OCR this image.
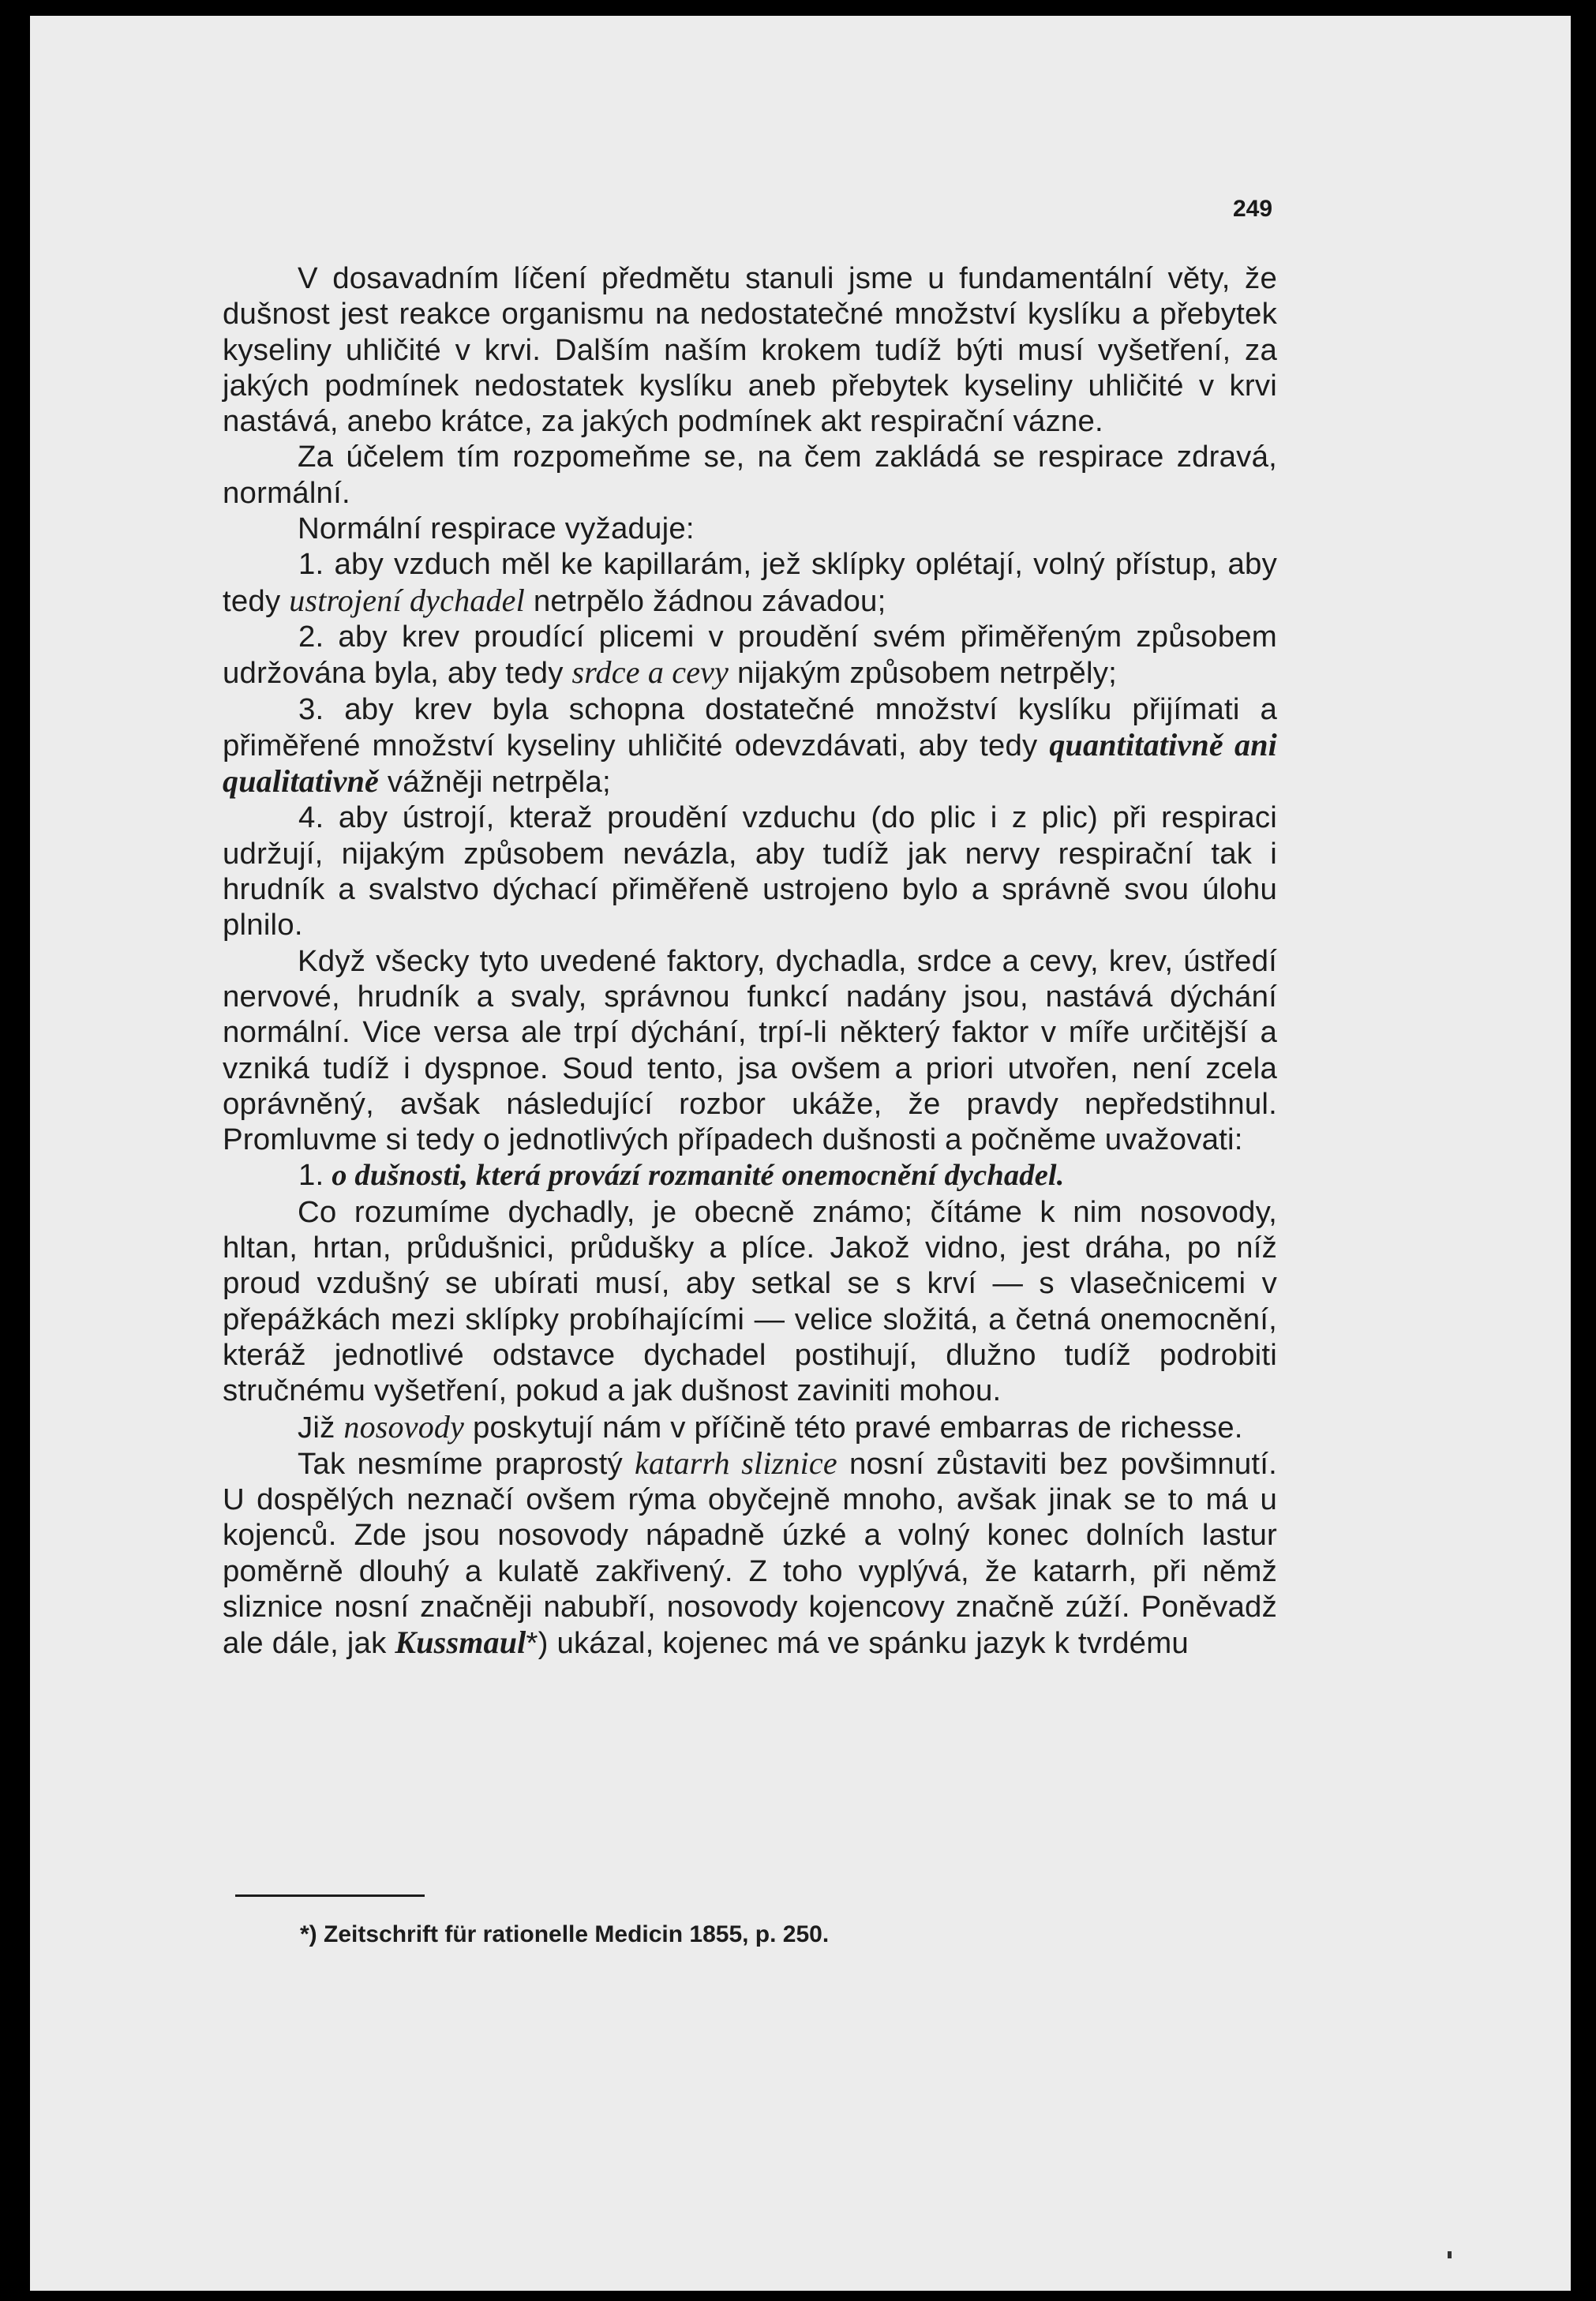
249

V dosavadním líčení předmětu stanuli jsme u fundamentální věty, že dušnost jest reakce organismu na nedostatečné množství kyslíku a přebytek kyseliny uhličité v krvi. Dalším naším krokem tudíž býti musí vyšetření, za jakých podmínek nedostatek kyslíku aneb přebytek kyseliny uhličité v krvi nastává, anebo krátce, za jakých podmínek akt respirační vázne.

Za účelem tím rozpomeňme se, na čem zakládá se respirace zdravá, normální.

Normální respirace vyžaduje:

1. aby vzduch měl ke kapillarám, jež sklípky oplétají, volný přístup, aby tedy ustrojení dychadel netrpělo žádnou závadou;

2. aby krev proudící plicemi v proudění svém přiměřeným způsobem udržována byla, aby tedy srdce a cevy nijakým způsobem netrpěly;

3. aby krev byla schopna dostatečné množství kyslíku přijímati a přiměřené množství kyseliny uhličité odevzdávati, aby tedy quantitativně ani qualitativně vážněji netrpěla;

4. aby ústrojí, kterаž proudění vzduchu (do plic i z plic) při respiraci udržují, nijakým způsobem nevázla, aby tudíž jak nervy respirační tak i hrudník a svalstvo dýchací přiměřeně ustrojeno bylo a správně svou úlohu plnilo.

Když všecky tyto uvedené faktory, dychadla, srdce a cevy, krev, ústředí nervové, hrudník a svaly, správnou funkcí nadány jsou, nastává dýchání normální. Vice versa ale trpí dýchání, trpí-li některý faktor v míře určitější a vzniká tudíž i dyspnoe. Soud tento, jsa ovšem a priori utvořen, není zcela oprávněný, avšak následující rozbor ukáže, že pravdy nepředstihnul. Promluvme si tedy o jednotlivých případech dušnosti a počněme uvažovati:

1. o dušnosti, která provází rozmanité onemocnění dychadel.

Co rozumíme dychadly, je obecně známo; čítáme k nim nosovody, hltan, hrtan, průdušnici, průdušky a plíce. Jakož vidno, jest dráha, po níž proud vzdušný se ubírati musí, aby setkal se s krví — s vlasečnicemi v přepážkách mezi sklípky probíhajícími — velice složitá, a četná onemocnění, kteráž jednotlivé odstavce dychadel postihují, dlužno tudíž podrobiti stručnému vyšetření, pokud a jak dušnost zaviniti mohou.

Již nosovody poskytují nám v příčině této pravé embarras de richesse.

Tak nesmíme praprostý katarrh sliznice nosní zůstaviti bez povšimnutí. U dospělých neznačí ovšem rýma obyčejně mnoho, avšak jinak se to má u kojenců. Zde jsou nosovody nápadně úzké a volný konec dolních lastur poměrně dlouhý a kulatě zakřivený. Z toho vyplývá, že katarrh, při němž sliznice nosní značněji nabubří, nosovody kojencovy značně zúží. Poněvadž ale dále, jak Kussmaul*) ukázal, kojenec má ve spánku jazyk k tvrdému

*) Zeitschrift für rationelle Medicin 1855, p. 250.
